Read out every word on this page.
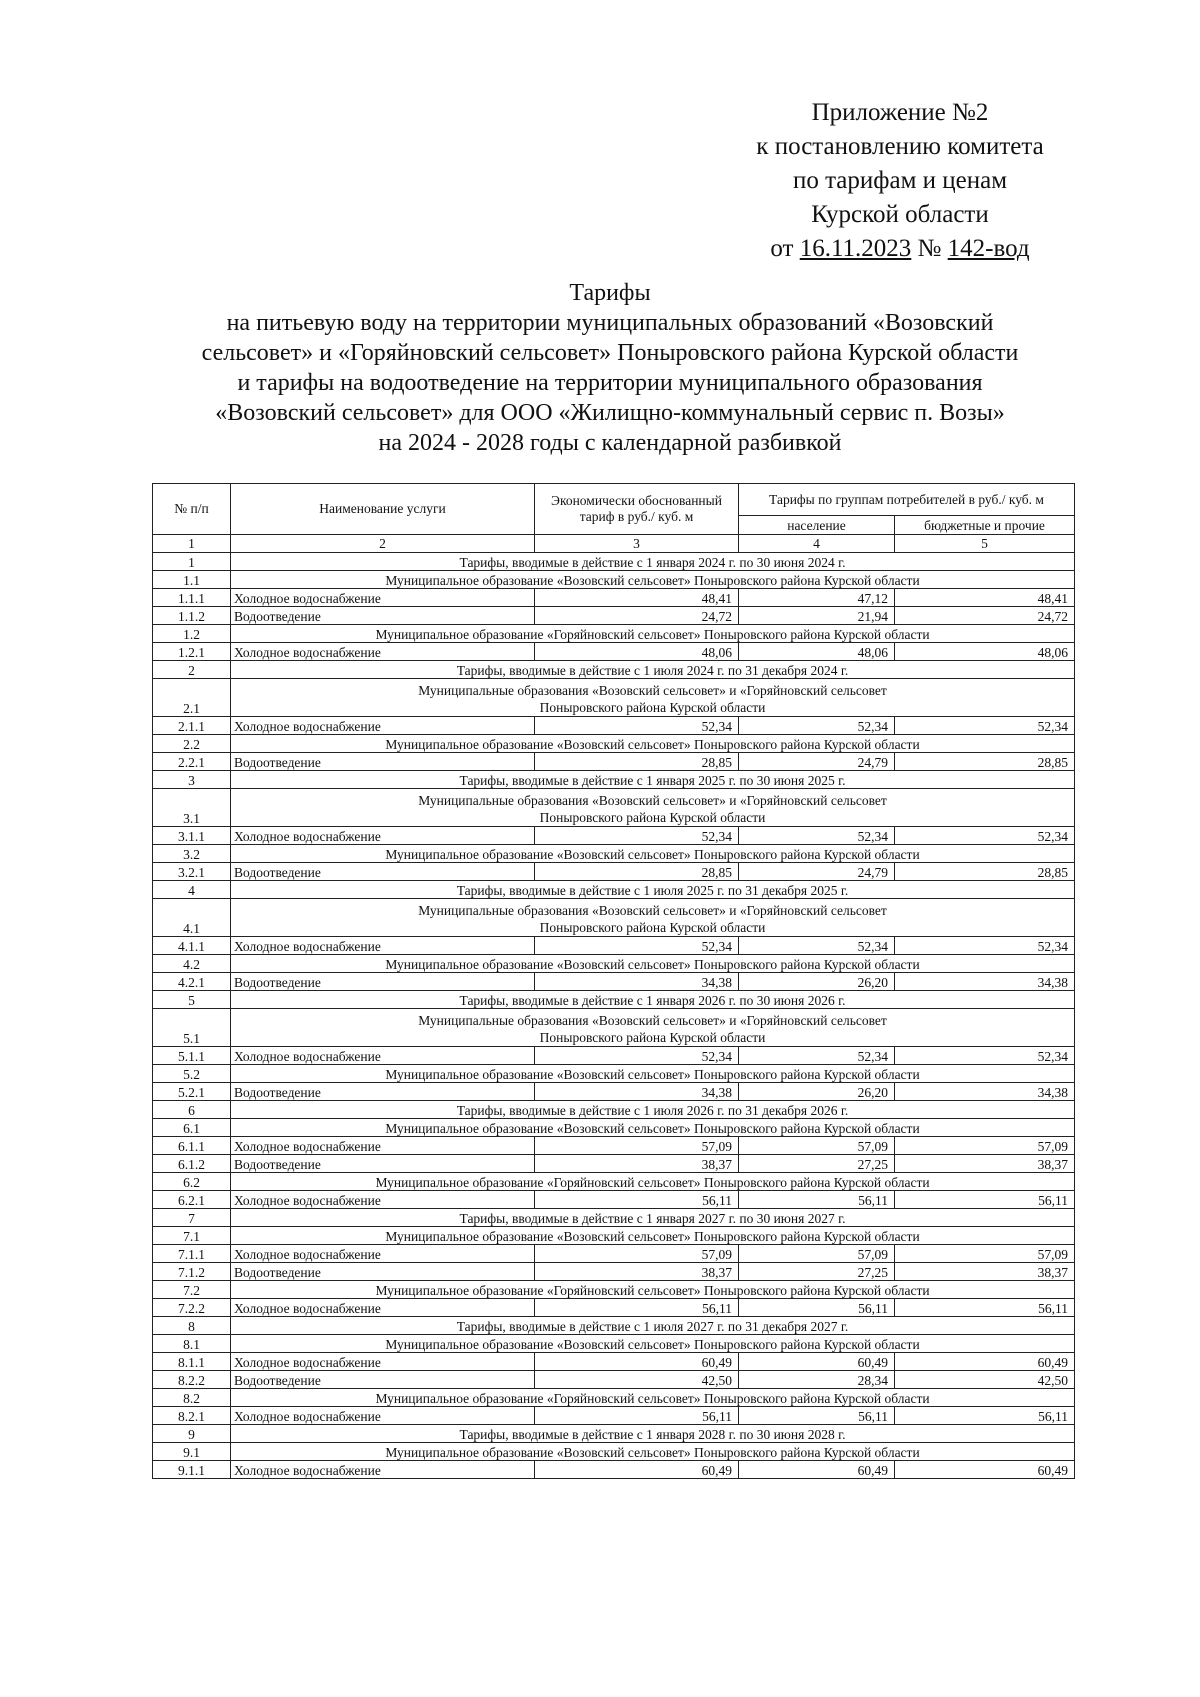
Приложение №2
к постановлению комитета
по тарифам и ценам
Курской области
от 16.11.2023 № 142-вод
Тарифы
на питьевую воду на территории муниципальных образований «Возовский
сельсовет» и «Горяйновский сельсовет» Поныровского района Курской области
и тарифы на водоотведение на территории муниципального образования
«Возовский сельсовет» для ООО «Жилищно-коммунальный сервис п. Возы»
на 2024 - 2028 годы с календарной разбивкой
№ п/п	Наименование услуги	Экономически обоснованный тариф в руб./ куб. м	Тарифы по группам потребителей в руб./ куб. м	
			население	бюджетные и прочие
1	2	3	4	5
1	Тарифы, вводимые в действие с 1 января 2024 г. по 30 июня 2024 г.			
1.1	Муниципальное образование «Возовский сельсовет» Поныровского района Курской области			
1.1.1	Холодное водоснабжение	48,41	47,12	48,41
1.1.2	Водоотведение	24,72	21,94	24,72
1.2	Муниципальное образование «Горяйновский сельсовет» Поныровского района Курской области			
1.2.1	Холодное водоснабжение	48,06	48,06	48,06
2	Тарифы, вводимые в действие с 1 июля 2024 г. по 31 декабря 2024 г.			
2.1	Муниципальные образования «Возовский сельсовет» и «Горяйновский сельсовет
Поныровского района Курской области			

2.1.1	Холодное водоснабжение	52,34	52,34	52,34
2.2	Муниципальное образование «Возовский сельсовет» Поныровского района Курской области			
2.2.1	Водоотведение	28,85	24,79	28,85
3	Тарифы, вводимые в действие с 1 января 2025 г. по 30 июня 2025 г.			
3.1	Муниципальные образования «Возовский сельсовет» и «Горяйновский сельсовет
Поныровского района Курской области			

3.1.1	Холодное водоснабжение	52,34	52,34	52,34
3.2	Муниципальное образование «Возовский сельсовет» Поныровского района Курской области			
3.2.1	Водоотведение	28,85	24,79	28,85
4	Тарифы, вводимые в действие с 1 июля 2025 г. по 31 декабря 2025 г.			
4.1	Муниципальные образования «Возовский сельсовет» и «Горяйновский сельсовет
Поныровского района Курской области			

4.1.1	Холодное водоснабжение	52,34	52,34	52,34
4.2	Муниципальное образование «Возовский сельсовет» Поныровского района Курской области			
4.2.1	Водоотведение	34,38	26,20	34,38
5	Тарифы, вводимые в действие с 1 января 2026 г. по 30 июня 2026 г.			
5.1	Муниципальные образования «Возовский сельсовет» и «Горяйновский сельсовет
Поныровского района Курской области			

5.1.1	Холодное водоснабжение	52,34	52,34	52,34
5.2	Муниципальное образование «Возовский сельсовет» Поныровского района Курской области			
5.2.1	Водоотведение	34,38	26,20	34,38
6	Тарифы, вводимые в действие с 1 июля 2026 г. по 31 декабря 2026 г.			
6.1	Муниципальное образование «Возовский сельсовет» Поныровского района Курской области			
6.1.1	Холодное водоснабжение	57,09	57,09	57,09
6.1.2	Водоотведение	38,37	27,25	38,37
6.2	Муниципальное образование «Горяйновский сельсовет» Поныровского района Курской области			
6.2.1	Холодное водоснабжение	56,11	56,11	56,11
7	Тарифы, вводимые в действие с 1 января 2027 г. по 30 июня 2027 г.			
7.1	Муниципальное образование «Возовский сельсовет» Поныровского района Курской области			
7.1.1	Холодное водоснабжение	57,09	57,09	57,09
7.1.2	Водоотведение	38,37	27,25	38,37
7.2	Муниципальное образование «Горяйновский сельсовет» Поныровского района Курской области			
7.2.2	Холодное водоснабжение	56,11	56,11	56,11
8	Тарифы, вводимые в действие с 1 июля 2027 г. по 31 декабря 2027 г.			
8.1	Муниципальное образование «Возовский сельсовет» Поныровского района Курской области			
8.1.1	Холодное водоснабжение	60,49	60,49	60,49
8.2.2	Водоотведение	42,50	28,34	42,50
8.2	Муниципальное образование «Горяйновский сельсовет» Поныровского района Курской области			
8.2.1	Холодное водоснабжение	56,11	56,11	56,11
9	Тарифы, вводимые в действие с 1 января 2028 г. по 30 июня 2028 г.			
9.1	Муниципальное образование «Возовский сельсовет» Поныровского района Курской области			
9.1.1	Холодное водоснабжение	60,49	60,49	60,49
